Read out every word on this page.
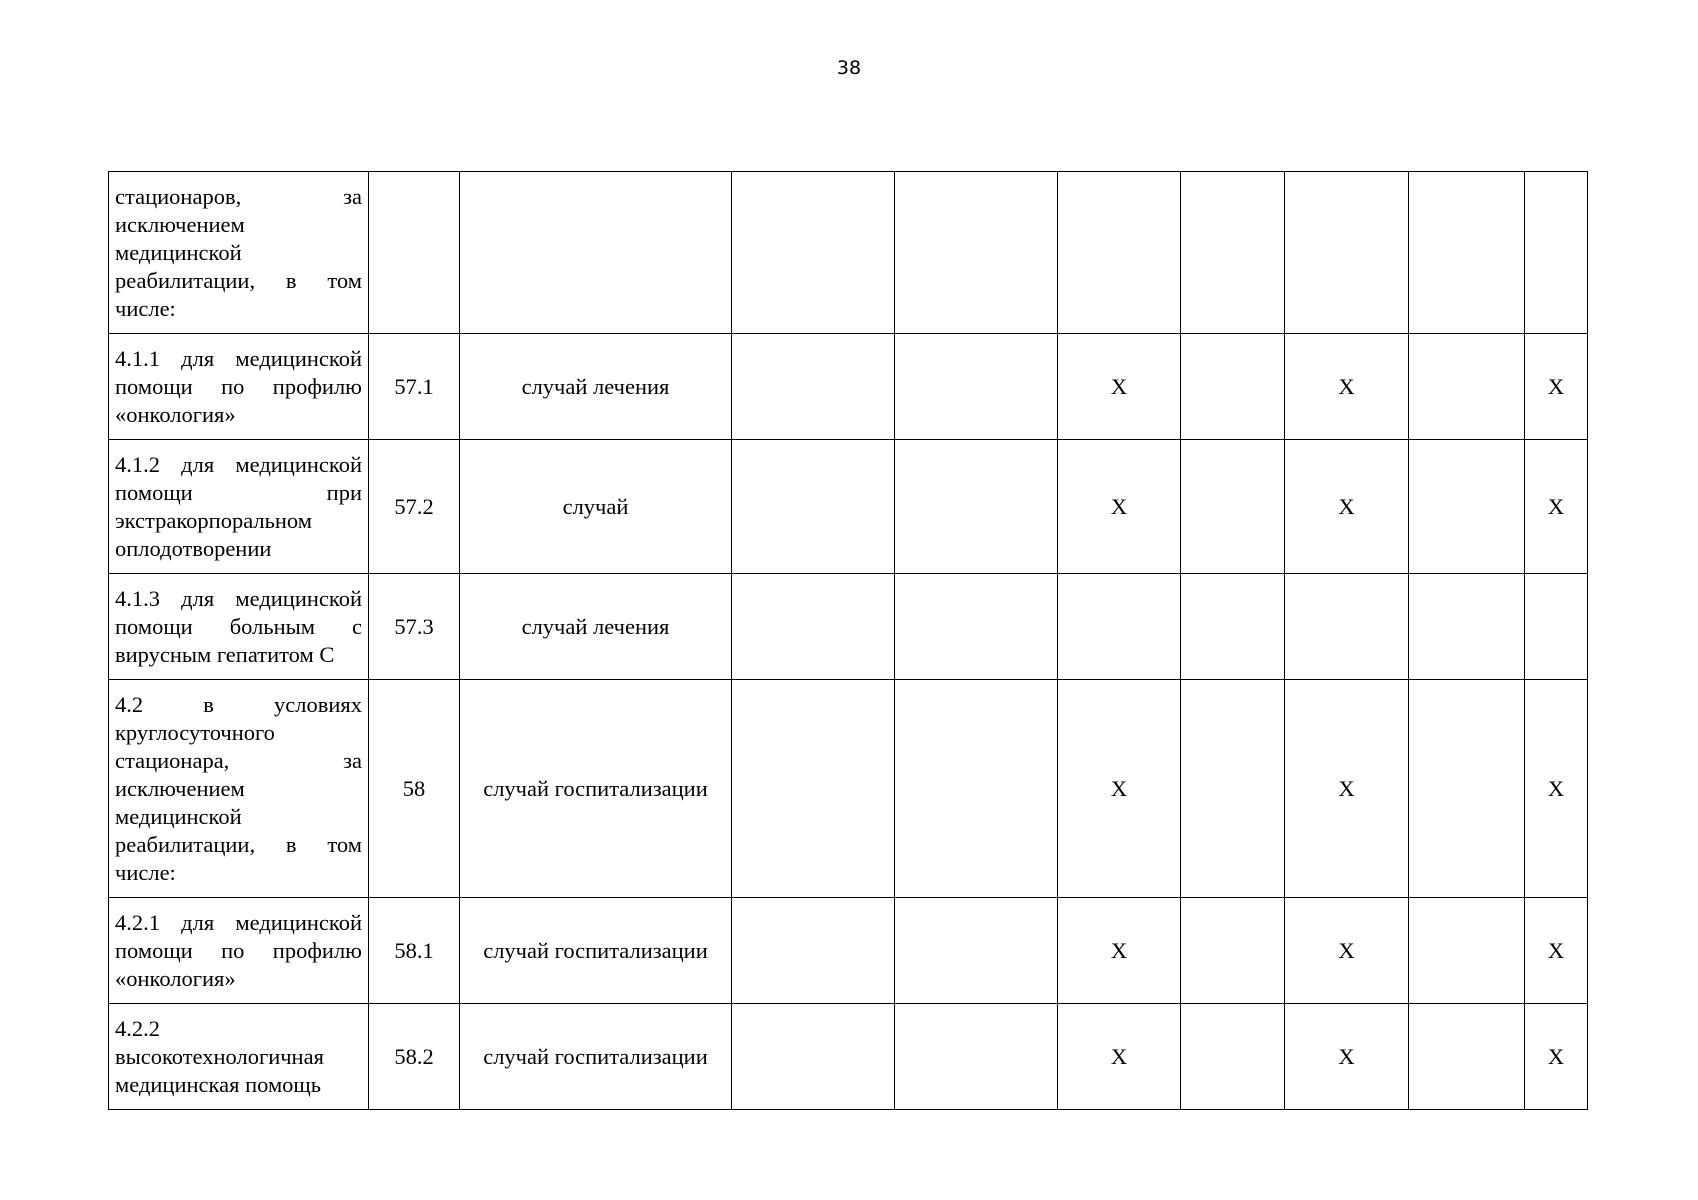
38
стационаров, за исключением медицинской реабилитации, в том числе:									
4.1.1 для медицинской помощи по профилю «онкология»	57.1	случай лечения			Х		Х		Х
4.1.2 для медицинской помощи при экстракорпоральном оплодотворении	57.2	случай			Х		Х		Х
4.1.3 для медицинской помощи больным с вирусным гепатитом С	57.3	случай лечения							
4.2 в условиях круглосуточного стационара, за исключением медицинской реабилитации, в том числе:	58	случай госпитализации			Х		Х		Х
4.2.1 для медицинской помощи по профилю «онкология»	58.1	случай госпитализации			Х		Х		Х
4.2.2 высокотехнологичная медицинская помощь	58.2	случай госпитализации			Х		Х		Х
